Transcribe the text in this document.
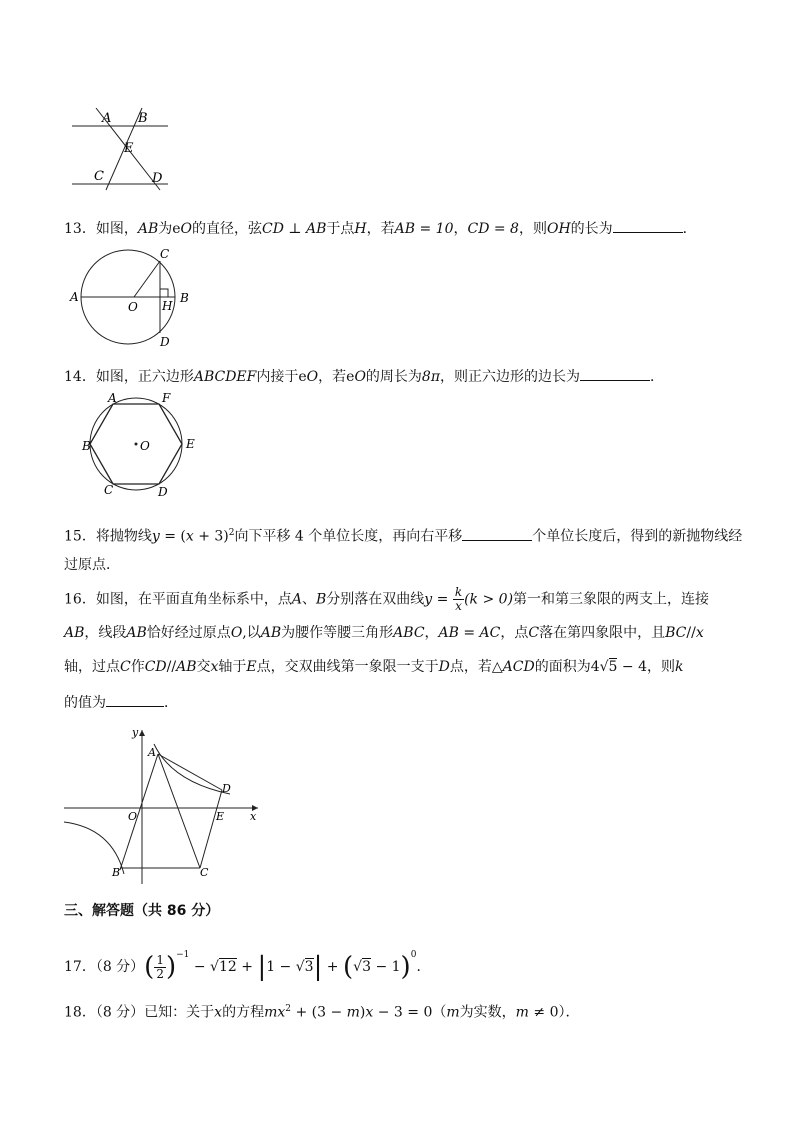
A B
E
C	D
13．如图，AB为eO的直径，弦CD ⊥ AB于点H，若AB = 10，CD = 8，则OH的长为	．
A	B
C
D
O H
14．如图，正六边形ABCDEF内接于eO，若eO的周长为8π，则正六边形的边长为	．
A	F
B	E
C	D
O
15．将抛物线$y = (x + 3)^2$向下平移 4 个单位长度，再向右平移	个单位长度后，得到的新抛物线经
过原点．
16．如图，在平面直角坐标系中，点A、B分别落在双曲线$y = \frac{k}{x} (k > 0)$第一和第三象限的两支上，连接
AB，线段AB恰好经过原点O,以AB为腰作等腰三角形ABC，AB = AC，点C落在第四象限中，且BC//x
轴，过点C作CD//AB交x轴于E点，交双曲线第一象限一支于D点，若△ACD的面积为4√5 − 4，则k
的值为	．
y
x
A
D
O	E
B	C
三、解答题（共 86 分）
17．（8 分）( $\frac{1}{2} )^{-1} - √12 + |1 - √3| + (√3 - 1)^0$．
18．（8 分）已知：关于x的方程$mx^2 + (3 - m)x - 3 = 0(m$为实数，m ≠ 0）．
